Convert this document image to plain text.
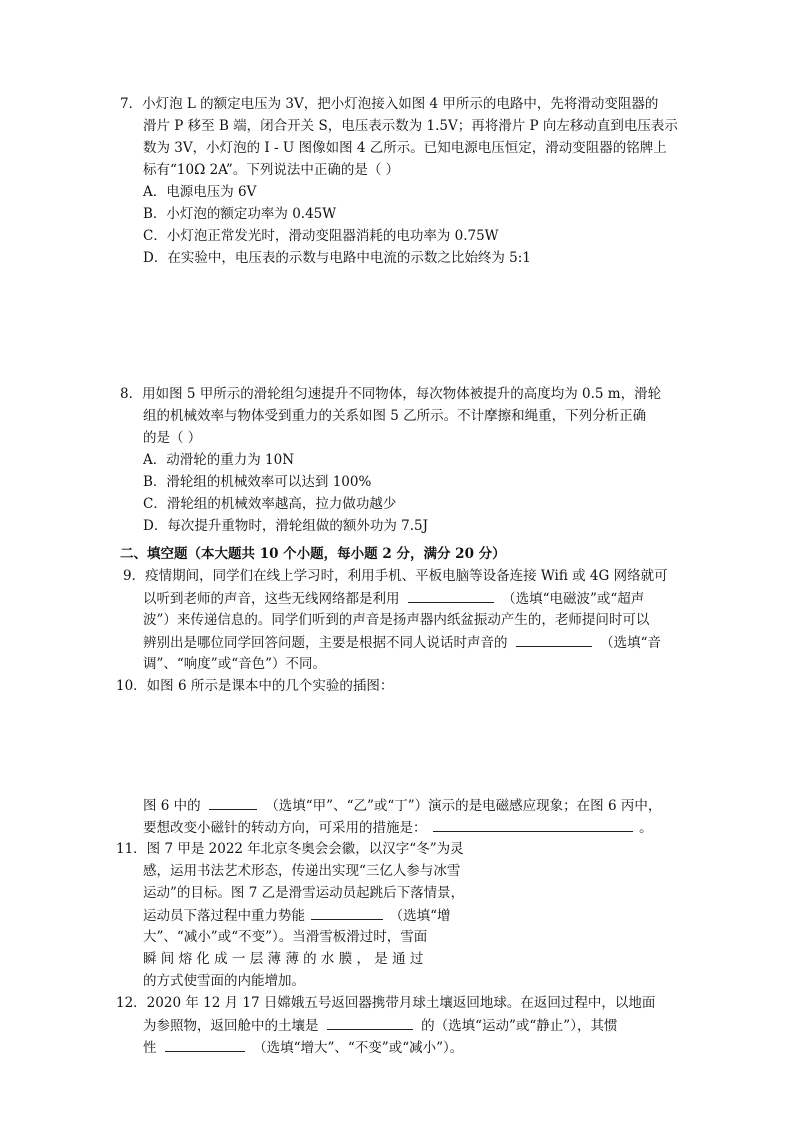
7．小灯泡 L 的额定电压为 3V，把小灯泡接入如图 4 甲所示的电路中，先将滑动变阻器的
滑片 P 移至 B 端，闭合开关 S，电压表示数为 1.5V；再将滑片 P 向左移动直到电压表示
数为 3V，小灯泡的 I - U 图像如图 4 乙所示。已知电源电压恒定，滑动变阻器的铭牌上
标有“10Ω 2A”。下列说法中正确的是（ ）
A．电源电压为 6V
B．小灯泡的额定功率为 0.45W
C．小灯泡正常发光时，滑动变阻器消耗的电功率为 0.75W
D．在实验中，电压表的示数与电路中电流的示数之比始终为 5:1
8．用如图 5 甲所示的滑轮组匀速提升不同物体，每次物体被提升的高度均为 0.5 m，滑轮
组的机械效率与物体受到重力的关系如图 5 乙所示。不计摩擦和绳重，下列分析正确
的是（ ）
A．动滑轮的重力为 10N
B．滑轮组的机械效率可以达到 100%
C．滑轮组的机械效率越高，拉力做功越少
D．每次提升重物时，滑轮组做的额外功为 7.5J
二、填空题（本大题共 10 个小题，每小题 2 分，满分 20 分）
9．疫情期间，同学们在线上学习时，利用手机、平板电脑等设备连接 Wifi 或 4G 网络就可
以听到老师的声音，这些无线网络都是利用	（选填“电磁波”或“超声
波”）来传递信息的。同学们听到的声音是扬声器内纸盆振动产生的，老师提问时可以
辨别出是哪位同学回答问题，主要是根据不同人说话时声音的	（选填“音
调”、“响度”或“音色”）不同。
10．如图 6 所示是课本中的几个实验的插图：
图 6 中的	（选填“甲”、“乙”或“丁”）演示的是电磁感应现象；在图 6 丙中，
要想改变小磁针的转动方向，可采用的措施是：	。
11．图 7 甲是 2022 年北京冬奥会会徽，以汉字“冬”为灵
感，运用书法艺术形态，传递出实现“三亿人参与冰雪
运动”的目标。图 7 乙是滑雪运动员起跳后下落情景，
运动员下落过程中重力势能	（选填“增
大”、“减小”或“不变”）。当滑雪板滑过时，雪面
瞬 间 熔 化 成 一 层 薄 薄 的 水 膜 ， 是 通 过
的方式使雪面的内能增加。
12．2020 年 12 月 17 日嫦娥五号返回器携带月球土壤返回地球。在返回过程中，以地面
为参照物，返回舱中的土壤是	的（选填“运动”或“静止”），其惯
性	（选填“增大”、“不变”或“减小”）。
